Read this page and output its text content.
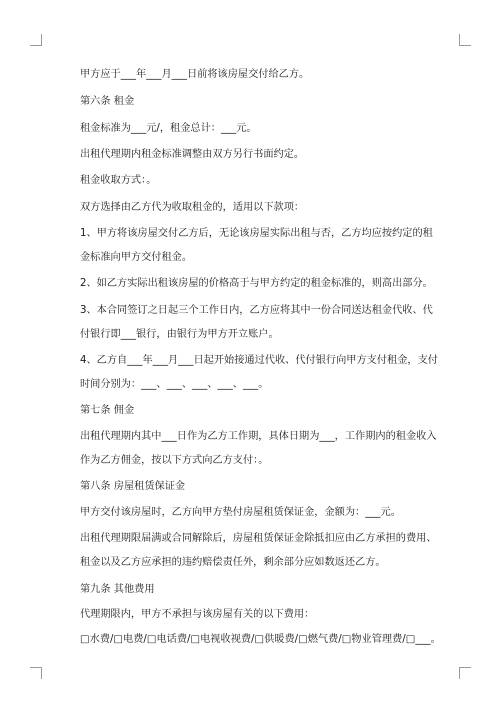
甲方应于___年___月___日前将该房屋交付给乙方。
第六条 租金
租金标准为___元/，租金总计：___元。
出租代理期内租金标准调整由双方另行书面约定。
租金收取方式：。
双方选择由乙方代为收取租金的，适用以下款项：
1、甲方将该房屋交付乙方后，无论该房屋实际出租与否，乙方均应按约定的租
金标准向甲方交付租金。
2、如乙方实际出租该房屋的价格高于与甲方约定的租金标准的，则高出部分。
3、本合同签订之日起三个工作日内，乙方应将其中一份合同送达租金代收、代
付银行即___银行，由银行为甲方开立账户。
4、乙方自___年___月___日起开始接通过代收、代付银行向甲方支付租金，支付
时间分别为：___、___、___、___、___。
第七条 佣金
出租代理期内其中___日作为乙方工作期，具体日期为___，工作期内的租金收入
作为乙方佣金，按以下方式向乙方支付：。
第八条 房屋租赁保证金
甲方交付该房屋时，乙方向甲方垫付房屋租赁保证金，金额为：___元。
出租代理期限届满或合同解除后，房屋租赁保证金除抵扣应由乙方承担的费用、
租金以及乙方应承担的违约赔偿责任外，剩余部分应如数返还乙方。
第九条 其他费用
代理期限内，甲方不承担与该房屋有关的以下费用：
□水费/□电费/□电话费/□电视收视费/□供暖费/□燃气费/□物业管理费/□___。
